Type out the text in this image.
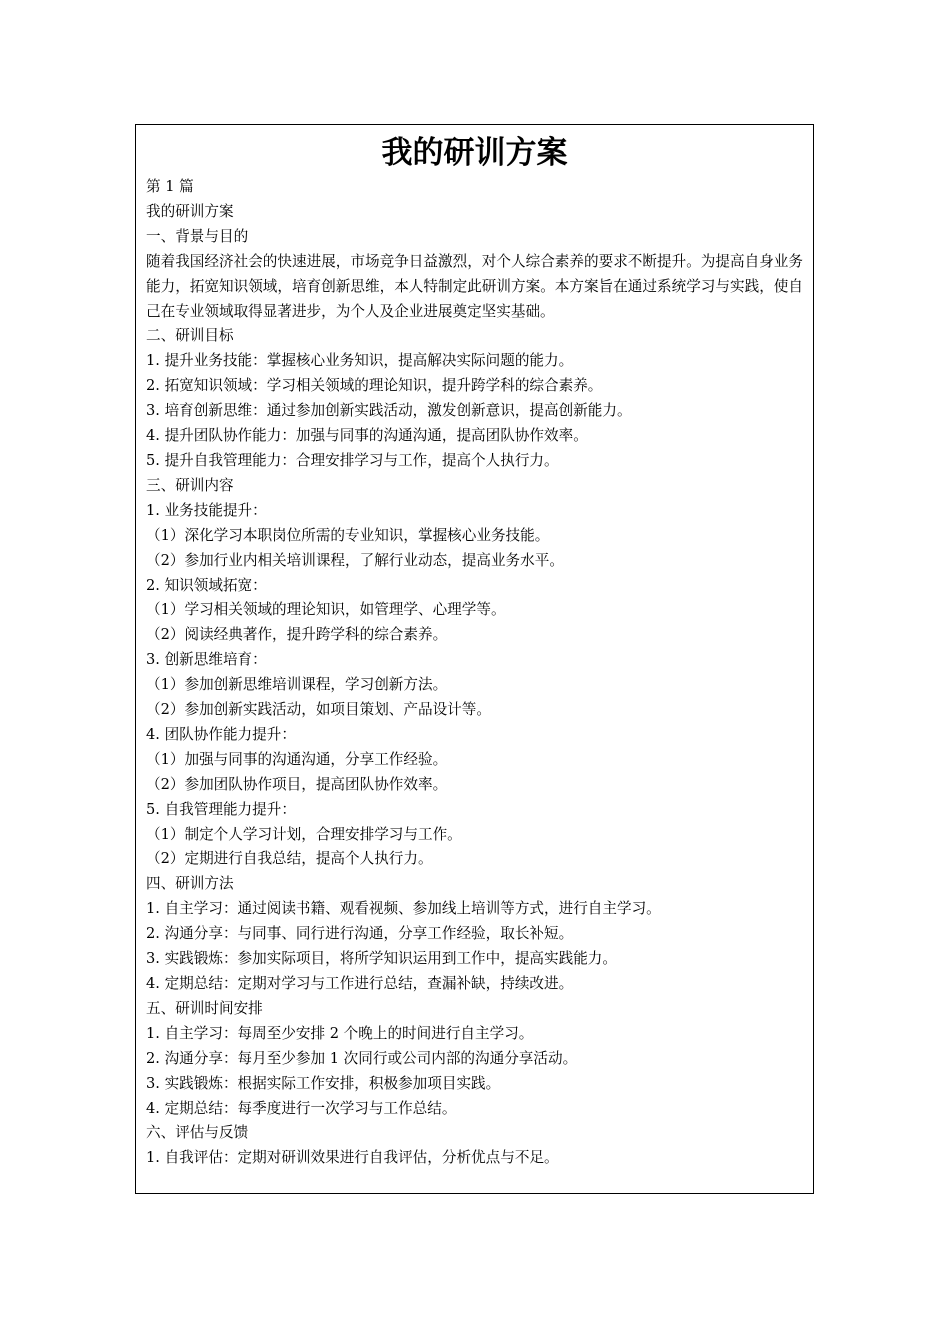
我的研训方案

第 1 篇

我的研训方案

一、背景与目的

随着我国经济社会的快速进展，市场竞争日益激烈，对个人综合素养的要求不断提升。为提高自身业务能力，拓宽知识领域，培育创新思维，本人特制定此研训方案。本方案旨在通过系统学习与实践，使自己在专业领域取得显著进步，为个人及企业进展奠定坚实基础。

二、研训目标

1. 提升业务技能：掌握核心业务知识，提高解决实际问题的能力。

2. 拓宽知识领域：学习相关领域的理论知识，提升跨学科的综合素养。

3. 培育创新思维：通过参加创新实践活动，激发创新意识，提高创新能力。

4. 提升团队协作能力：加强与同事的沟通沟通，提高团队协作效率。

5. 提升自我管理能力：合理安排学习与工作，提高个人执行力。

三、研训内容

1. 业务技能提升：

（1）深化学习本职岗位所需的专业知识，掌握核心业务技能。

（2）参加行业内相关培训课程，了解行业动态，提高业务水平。

2. 知识领域拓宽：

（1）学习相关领域的理论知识，如管理学、心理学等。

（2）阅读经典著作，提升跨学科的综合素养。

3. 创新思维培育：

（1）参加创新思维培训课程，学习创新方法。

（2）参加创新实践活动，如项目策划、产品设计等。

4. 团队协作能力提升：

（1）加强与同事的沟通沟通，分享工作经验。

（2）参加团队协作项目，提高团队协作效率。

5. 自我管理能力提升：

（1）制定个人学习计划，合理安排学习与工作。

（2）定期进行自我总结，提高个人执行力。

四、研训方法

1. 自主学习：通过阅读书籍、观看视频、参加线上培训等方式，进行自主学习。

2. 沟通分享：与同事、同行进行沟通，分享工作经验，取长补短。

3. 实践锻炼：参加实际项目，将所学知识运用到工作中，提高实践能力。

4. 定期总结：定期对学习与工作进行总结，查漏补缺，持续改进。

五、研训时间安排

1. 自主学习：每周至少安排 2 个晚上的时间进行自主学习。

2. 沟通分享：每月至少参加 1 次同行或公司内部的沟通分享活动。

3. 实践锻炼：根据实际工作安排，积极参加项目实践。

4. 定期总结：每季度进行一次学习与工作总结。

六、评估与反馈

1. 自我评估：定期对研训效果进行自我评估，分析优点与不足。
